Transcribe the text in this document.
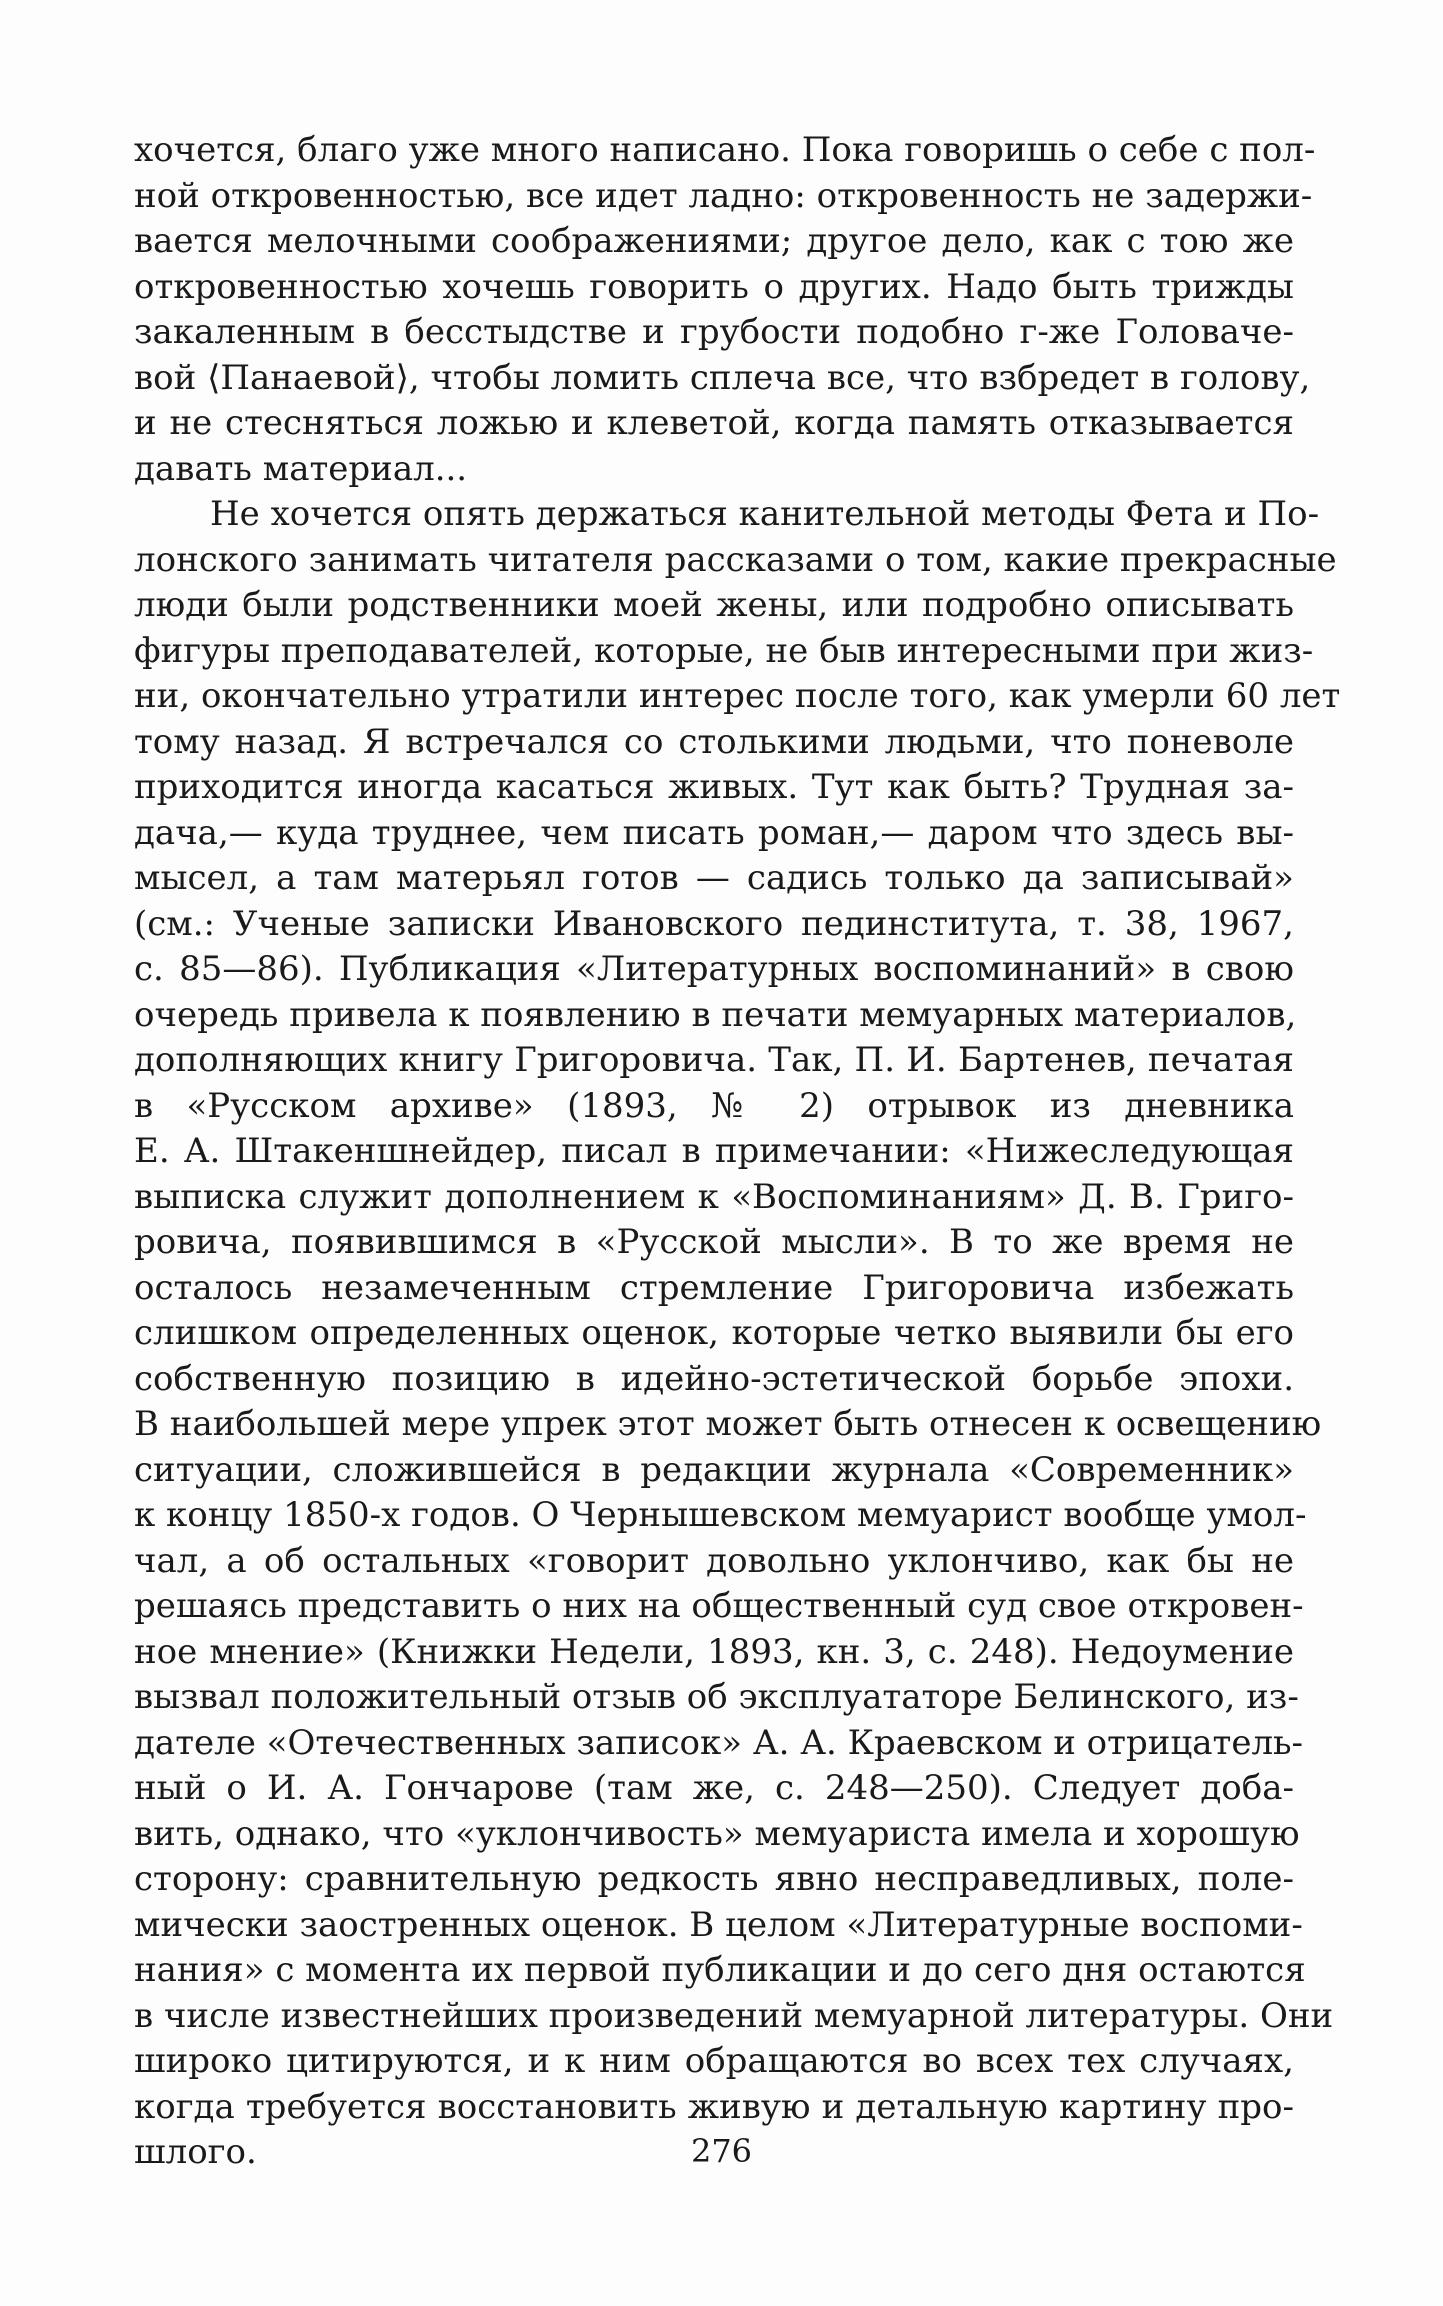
хочется, благо уже много написано. Пока говоришь о себе с пол-
ной откровенностью, все идет ладно: откровенность не задержи-
вается мелочными соображениями; другое дело, как с тою же
откровенностью хочешь говорить о других. Надо быть трижды
закаленным в бесстыдстве и грубости подобно г-же Головаче-
вой ⟨Панаевой⟩, чтобы ломить сплеча все, что взбредет в голову,
и не стесняться ложью и клеветой, когда память отказывается
давать материал...
Не хочется опять держаться канительной методы Фета и По-
лонского занимать читателя рассказами о том, какие прекрасные
люди были родственники моей жены, или подробно описывать
фигуры преподавателей, которые, не быв интересными при жиз-
ни, окончательно утратили интерес после того, как умерли 60 лет
тому назад. Я встречался со столькими людьми, что поневоле
приходится иногда касаться живых. Тут как быть? Трудная за-
дача,— куда труднее, чем писать роман,— даром что здесь вы-
мысел, а там матерьял готов — садись только да записывай»
(см.: Ученые записки Ивановского пединститута, т. 38, 1967,
с. 85—86). Публикация «Литературных воспоминаний» в свою
очередь привела к появлению в печати мемуарных материалов,
дополняющих книгу Григоровича. Так, П. И. Бартенев, печатая
в «Русском архиве» (1893, № 2) отрывок из дневника
Е. А. Штакеншнейдер, писал в примечании: «Нижеследующая
выписка служит дополнением к «Воспоминаниям» Д. В. Григо-
ровича, появившимся в «Русской мысли». В то же время не
осталось незамеченным стремление Григоровича избежать
слишком определенных оценок, которые четко выявили бы его
собственную позицию в идейно-эстетической борьбе эпохи.
В наибольшей мере упрек этот может быть отнесен к освещению
ситуации, сложившейся в редакции журнала «Современник»
к концу 1850-х годов. О Чернышевском мемуарист вообще умол-
чал, а об остальных «говорит довольно уклончиво, как бы не
решаясь представить о них на общественный суд свое откровен-
ное мнение» (Книжки Недели, 1893, кн. 3, с. 248). Недоумение
вызвал положительный отзыв об эксплуататоре Белинского, из-
дателе «Отечественных записок» А. А. Краевском и отрицатель-
ный о И. А. Гончарове (там же, с. 248—250). Следует доба-
вить, однако, что «уклончивость» мемуариста имела и хорошую
сторону: сравнительную редкость явно несправедливых, поле-
мически заостренных оценок. В целом «Литературные воспоми-
нания» с момента их первой публикации и до сего дня остаются
в числе известнейших произведений мемуарной литературы. Они
широко цитируются, и к ним обращаются во всех тех случаях,
когда требуется восстановить живую и детальную картину про-
шлого.	276
